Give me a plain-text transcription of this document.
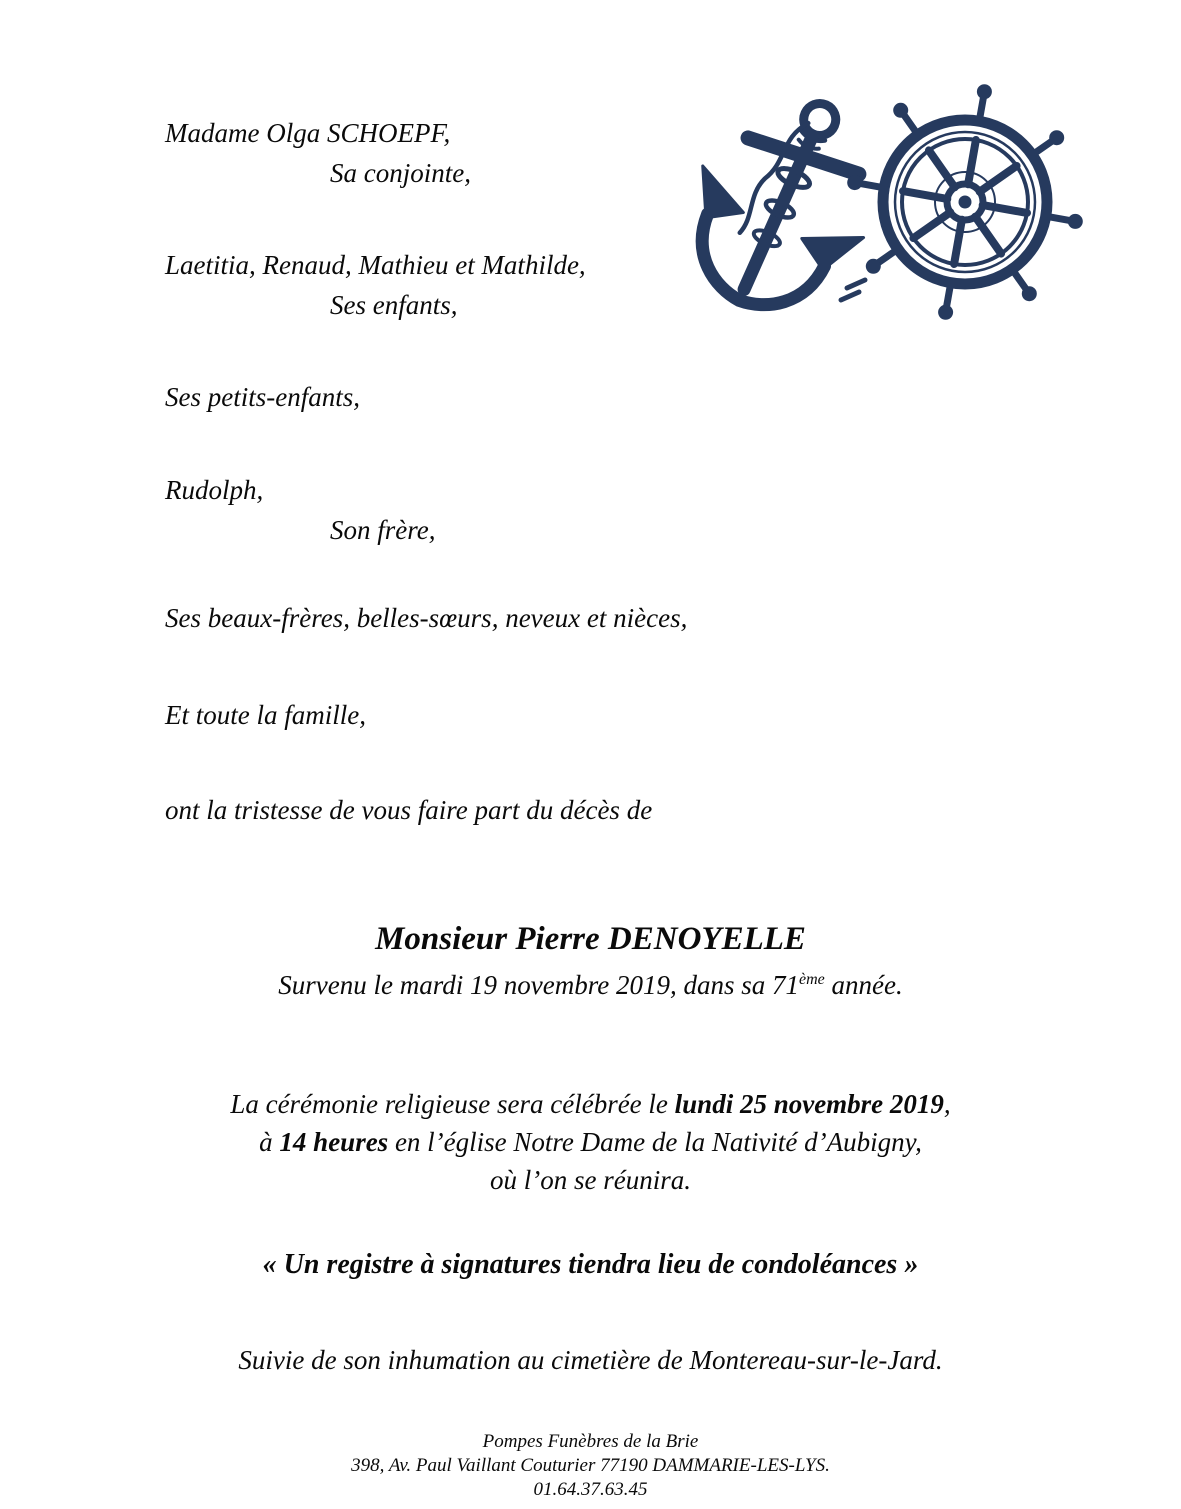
Madame Olga SCHOEPF,
Sa conjointe,
Laetitia, Renaud, Mathieu et Mathilde,
Ses enfants,
Ses petits-enfants,
Rudolph,
Son frère,
Ses beaux-frères, belles-sœurs, neveux et nièces,
Et toute la famille,
ont la tristesse de vous faire part du décès de
Monsieur Pierre DENOYELLE
Survenu le mardi 19 novembre 2019, dans sa 71ème année.
La cérémonie religieuse sera célébrée le lundi 25 novembre 2019,
à 14 heures en l’église Notre Dame de la Nativité d’Aubigny,
où l’on se réunira.
« Un registre à signatures tiendra lieu de condoléances »
Suivie de son inhumation au cimetière de Montereau-sur-le-Jard.
Pompes Funèbres de la Brie
398, Av. Paul Vaillant Couturier 77190 DAMMARIE-LES-LYS.
01.64.37.63.45
